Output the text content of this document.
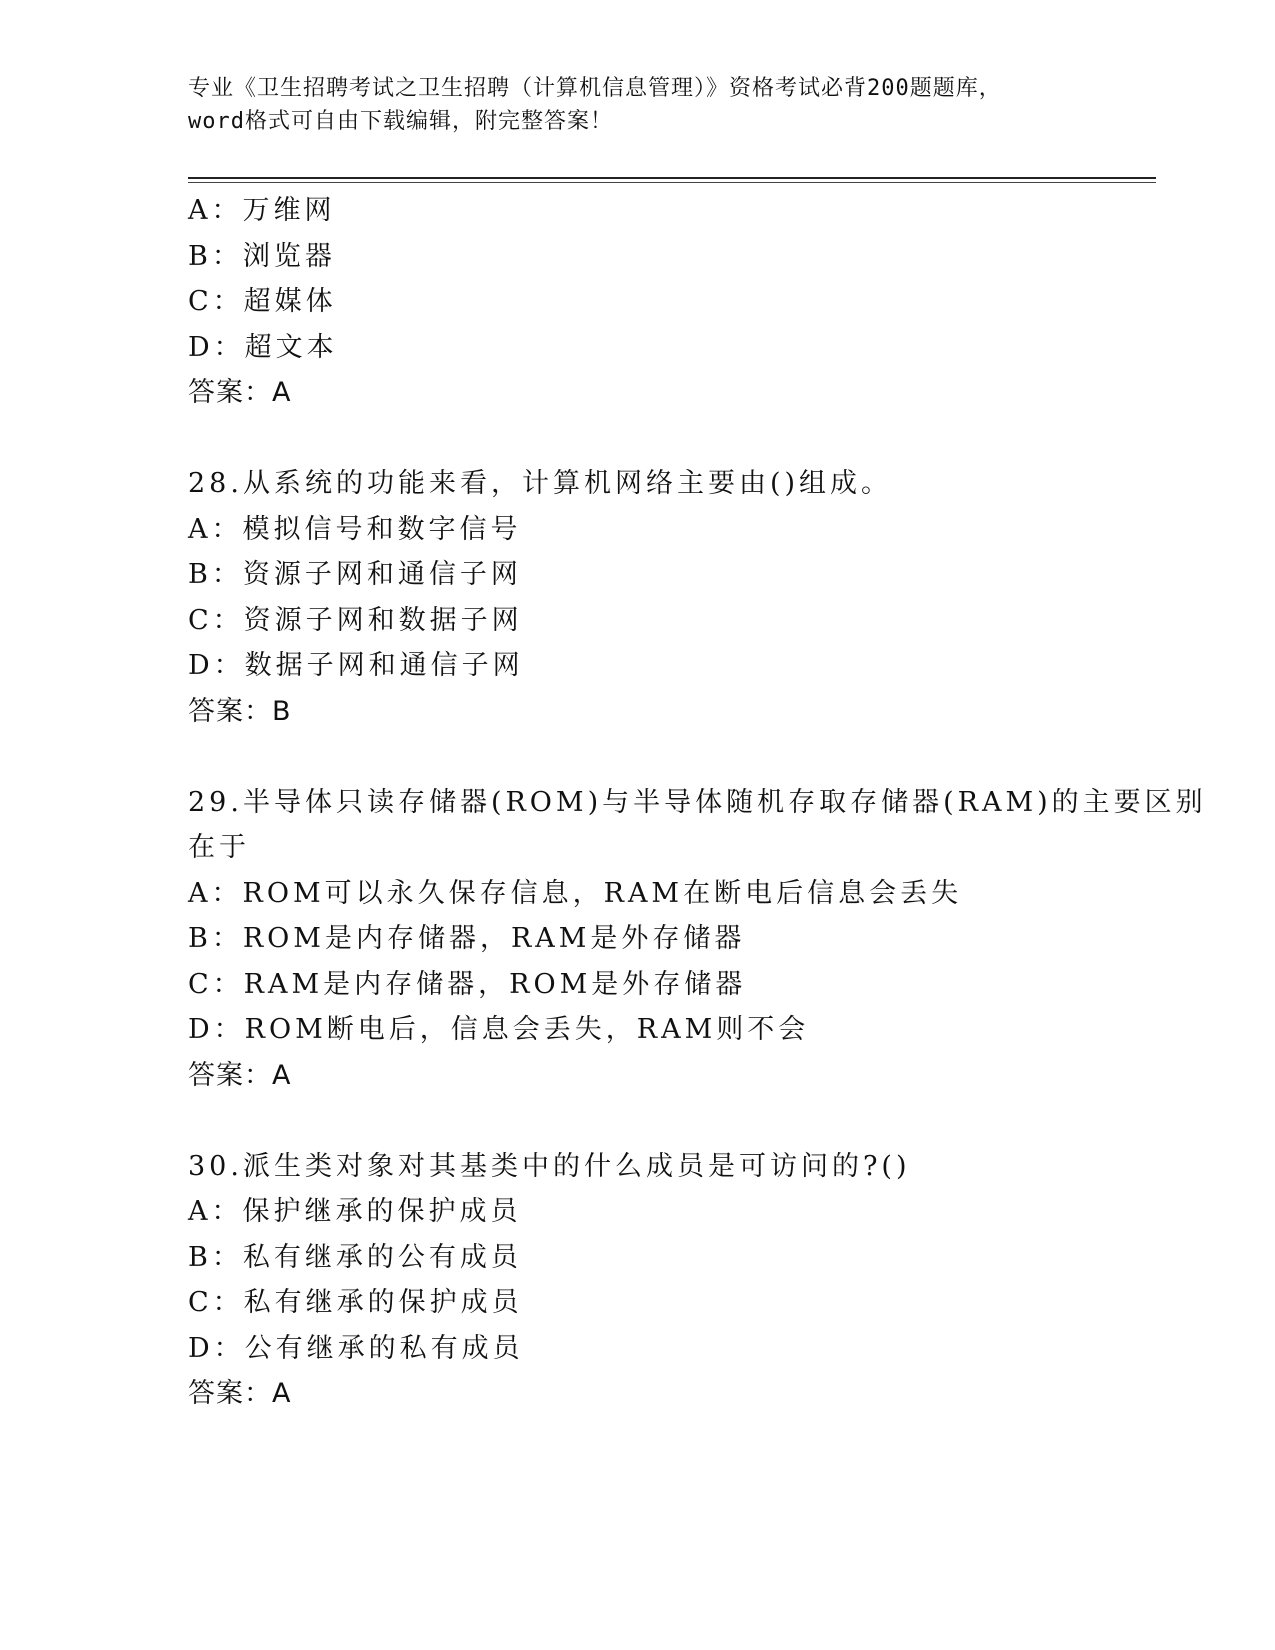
专业《卫生招聘考试之卫生招聘（计算机信息管理）》资格考试必背200题题库，
word格式可自由下载编辑，附完整答案！
A：万维网
B：浏览器
C：超媒体
D：超文本
答案：A
28.从系统的功能来看，计算机网络主要由()组成。
A：模拟信号和数字信号
B：资源子网和通信子网
C：资源子网和数据子网
D：数据子网和通信子网
答案：B
29.半导体只读存储器(ROM)与半导体随机存取存储器(RAM)的主要区别
在于
A：ROM可以永久保存信息，RAM在断电后信息会丢失
B：ROM是内存储器，RAM是外存储器
C：RAM是内存储器，ROM是外存储器
D：ROM断电后，信息会丢失，RAM则不会
答案：A
30.派生类对象对其基类中的什么成员是可访问的?()
A：保护继承的保护成员
B：私有继承的公有成员
C：私有继承的保护成员
D：公有继承的私有成员
答案：A
